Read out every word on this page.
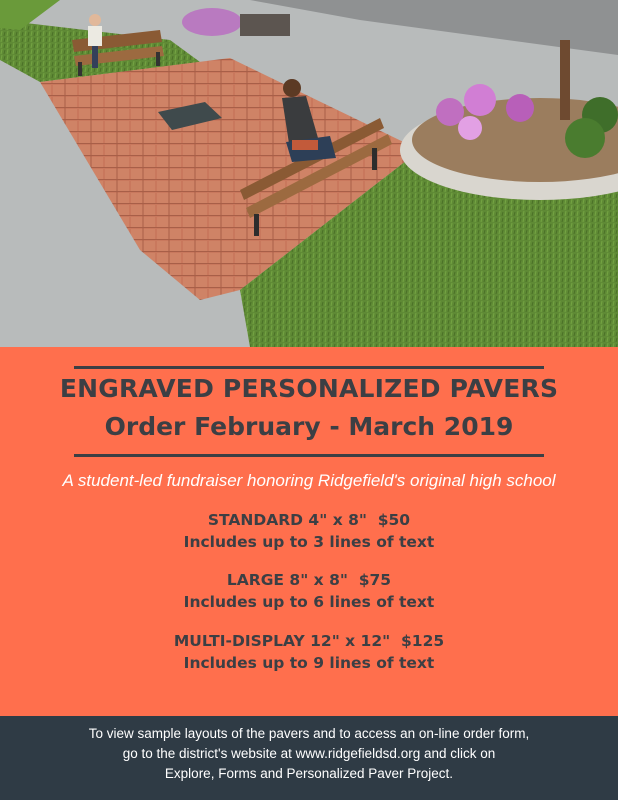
ENGRAVED PERSONALIZED PAVERS
Order February - March 2019
A student-led fundraiser honoring Ridgefield's original high school
STANDARD 4" x 8"  $50
Includes up to 3 lines of text
LARGE 8" x 8"  $75
Includes up to 6 lines of text
MULTI-DISPLAY 12" x 12"  $125
Includes up to 9 lines of text
To view sample layouts of the pavers and to access an on-line order form,
go to the district's website at www.ridgefieldsd.org and click on
Explore, Forms and Personalized Paver Project.
